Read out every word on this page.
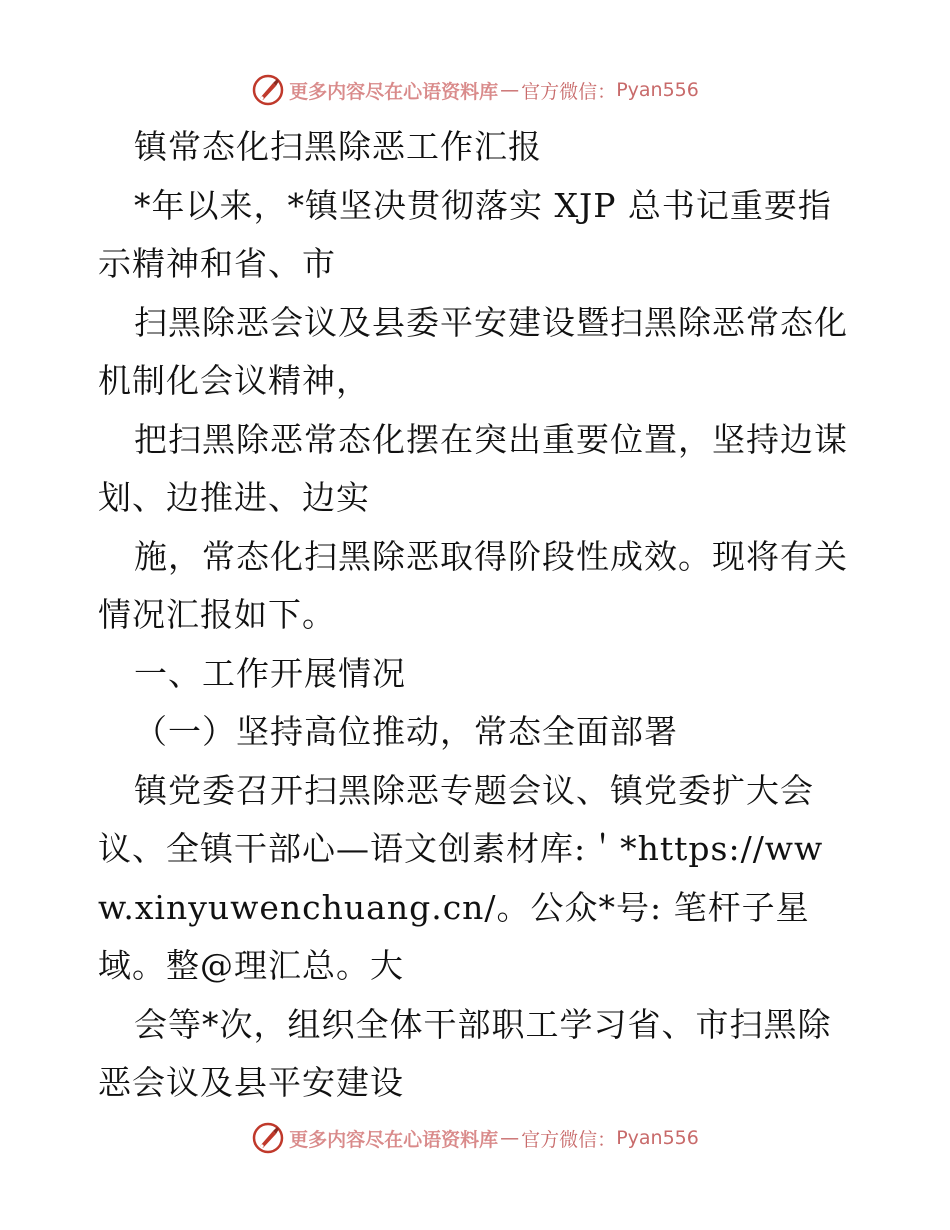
更多内容尽在心语资料库 — 官方微信： Pyan556

镇常态化扫黑除恶工作汇报

*年以来，*镇坚决贯彻落实 XJP 总书记重要指示精神和省、市

扫黑除恶会议及县委平安建设暨扫黑除恶常态化机制化会议精神，

把扫黑除恶常态化摆在突出重要位置，坚持边谋划、边推进、边实

施，常态化扫黑除恶取得阶段性成效。现将有关情况汇报如下。

一、工作开展情况

（一）坚持高位推动，常态全面部署

镇党委召开扫黑除恶专题会议、镇党委扩大会议、全镇干部心—语文创素材库:＇*https://www.xinyuwenchuang.cn/。公众*号: 笔杆子星域。整@理汇总。大

会等*次，组织全体干部职工学习省、市扫黑除恶会议及县平安建设

更多内容尽在心语资料库 — 官方微信： Pyan556
